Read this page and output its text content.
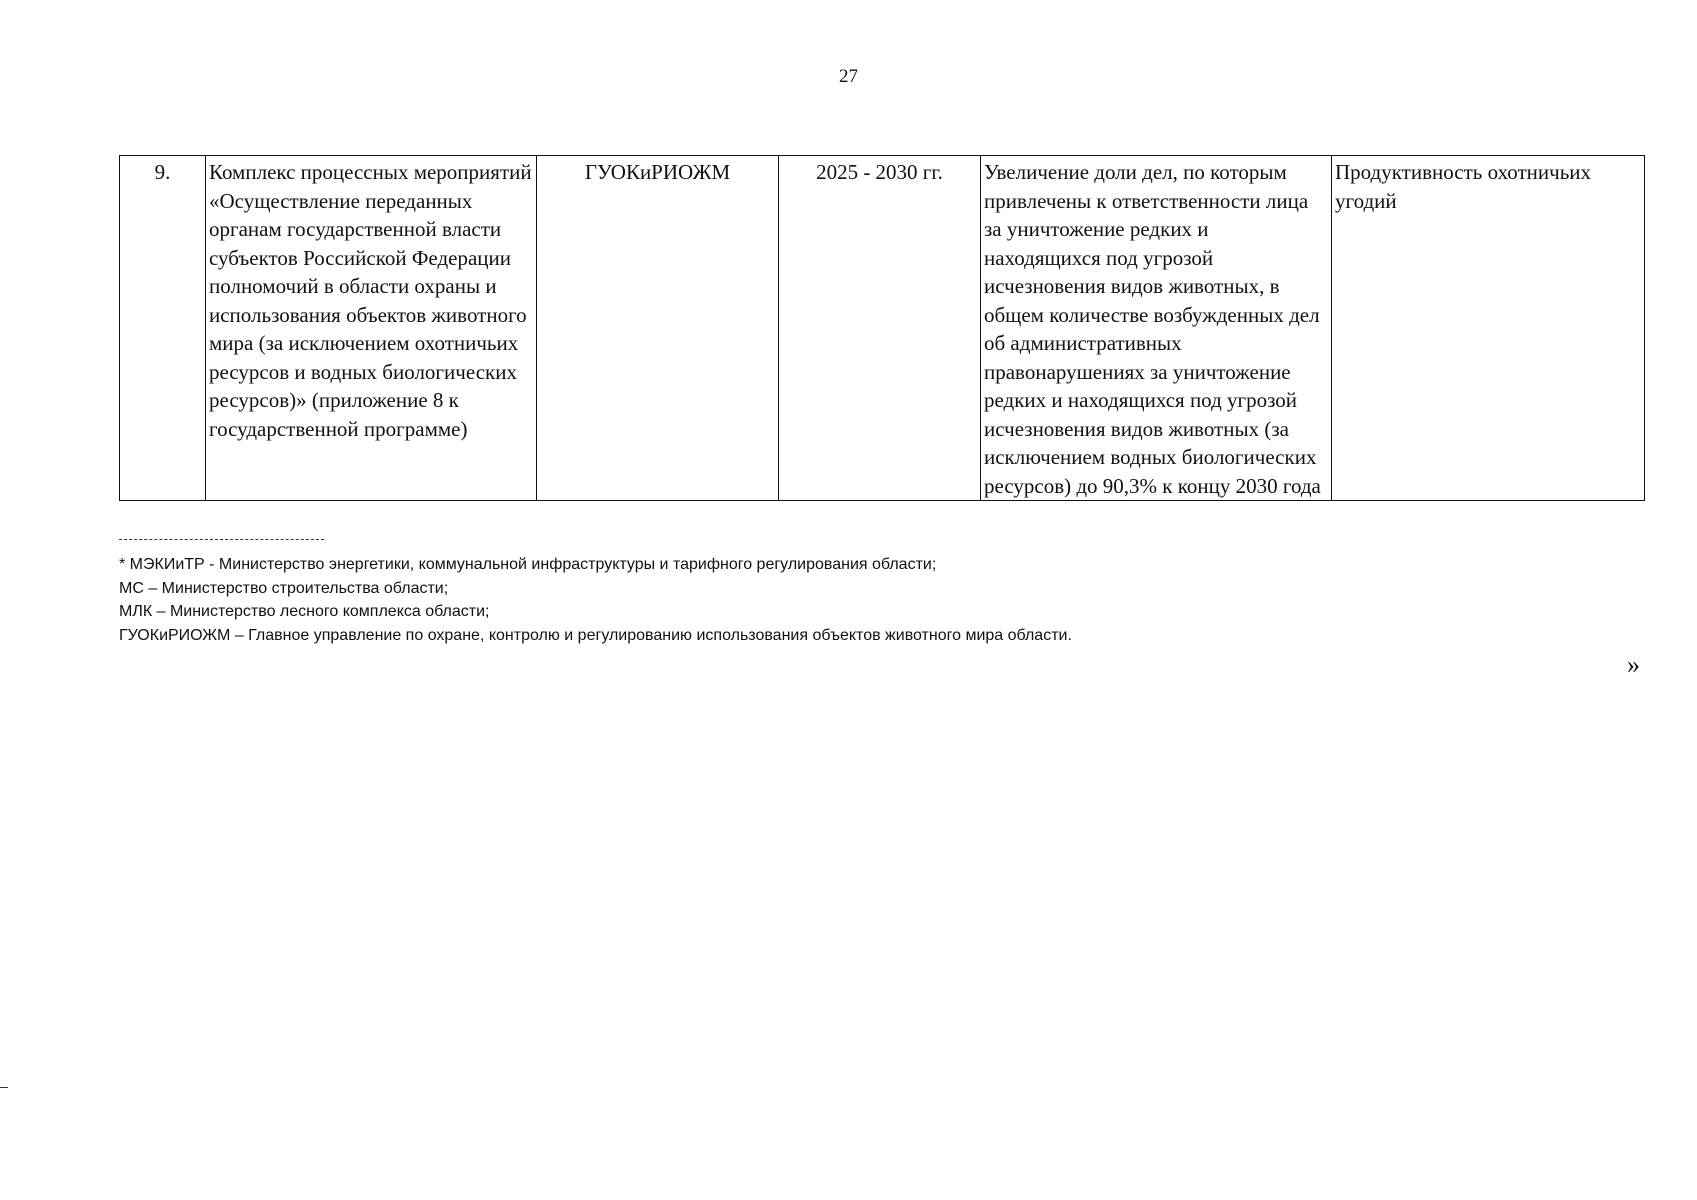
27
9.	Комплекс процессных мероприятий «Осуществление переданных органам государственной власти субъектов Российской Федерации полномочий в области охраны и использования объектов животного мира (за исключением охотничьих ресурсов и водных биологических ресурсов)» (приложение 8 к государственной программе)	ГУОКиРИОЖМ	2025 - 2030 гг.	Увеличение доли дел, по которым привлечены к ответственности лица за уничтожение редких и находящихся под угрозой исчезновения видов животных, в общем количестве возбужденных дел об административных правонарушениях за уничтожение редких и находящихся под угрозой исчезновения видов животных (за исключением водных биологических ресурсов) до 90,3% к концу 2030 года	Продуктивность охотничьих угодий

* МЭКИиТР - Министерство энергетики, коммунальной инфраструктуры и тарифного регулирования области;

МС – Министерство строительства области;

МЛК – Министерство лесного комплекса области;

ГУОКиРИОЖМ – Главное управление по охране, контролю и регулированию использования объектов животного мира области.

»
